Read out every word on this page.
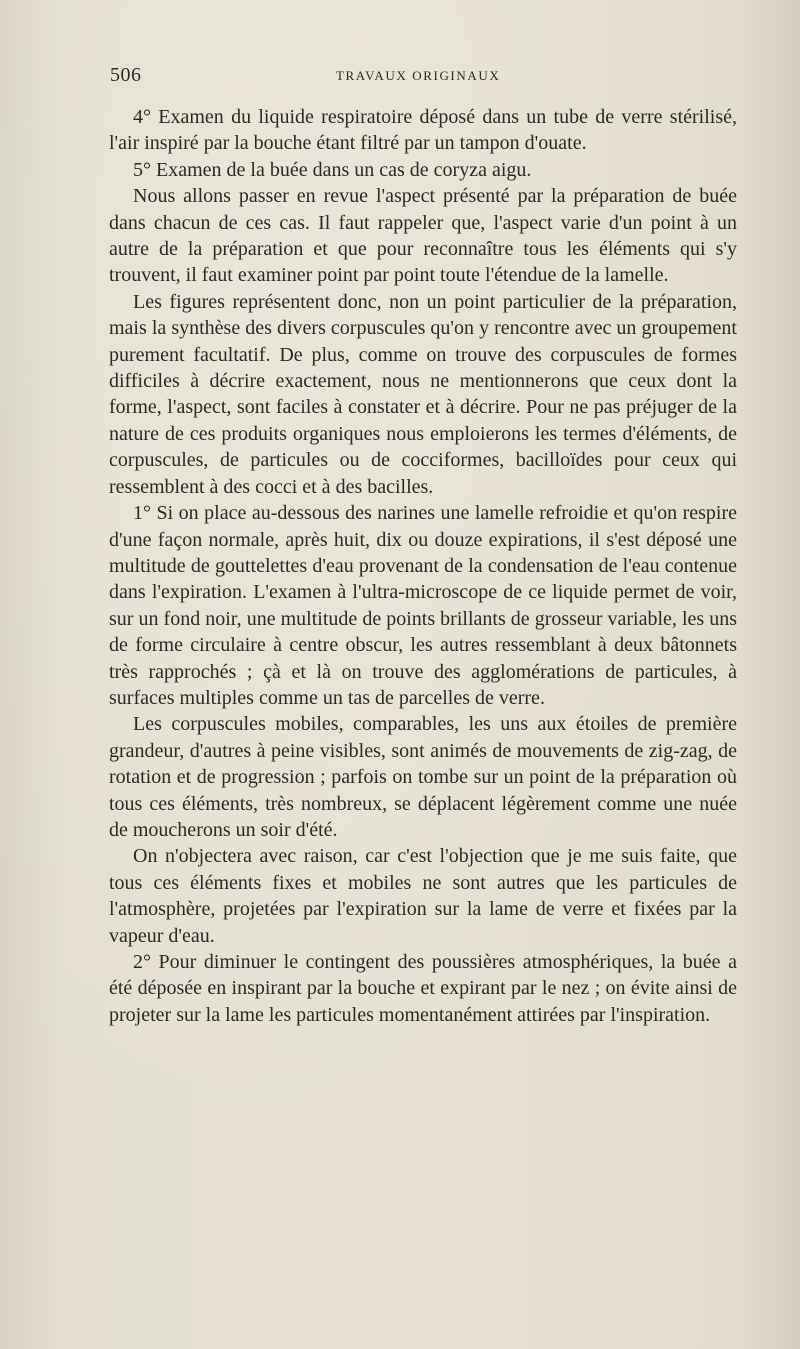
506	TRAVAUX ORIGINAUX

4° Examen du liquide respiratoire déposé dans un tube de verre stérilisé, l'air inspiré par la bouche étant filtré par un tampon d'ouate.

5° Examen de la buée dans un cas de coryza aigu.

Nous allons passer en revue l'aspect présenté par la préparation de buée dans chacun de ces cas. Il faut rappeler que, l'aspect varie d'un point à un autre de la préparation et que pour reconnaître tous les éléments qui s'y trouvent, il faut examiner point par point toute l'étendue de la lamelle.

Les figures représentent donc, non un point particulier de la préparation, mais la synthèse des divers corpuscules qu'on y rencontre avec un groupement purement facultatif. De plus, comme on trouve des corpuscules de formes difficiles à décrire exactement, nous ne mentionnerons que ceux dont la forme, l'aspect, sont faciles à constater et à décrire. Pour ne pas préjuger de la nature de ces produits organiques nous emploierons les termes d'éléments, de corpuscules, de particules ou de cocciformes, bacilloïdes pour ceux qui ressemblent à des cocci et à des bacilles.

1° Si on place au-dessous des narines une lamelle refroidie et qu'on respire d'une façon normale, après huit, dix ou douze expirations, il s'est déposé une multitude de gouttelettes d'eau provenant de la condensation de l'eau contenue dans l'expiration. L'examen à l'ultra-microscope de ce liquide permet de voir, sur un fond noir, une multitude de points brillants de grosseur variable, les uns de forme circulaire à centre obscur, les autres ressemblant à deux bâtonnets très rapprochés ; çà et là on trouve des agglomérations de particules, à surfaces multiples comme un tas de parcelles de verre.

Les corpuscules mobiles, comparables, les uns aux étoiles de première grandeur, d'autres à peine visibles, sont animés de mouvements de zig-zag, de rotation et de progression ; parfois on tombe sur un point de la préparation où tous ces éléments, très nombreux, se déplacent légèrement comme une nuée de moucherons un soir d'été.

On n'objectera avec raison, car c'est l'objection que je me suis faite, que tous ces éléments fixes et mobiles ne sont autres que les particules de l'atmosphère, projetées par l'expiration sur la lame de verre et fixées par la vapeur d'eau.

2° Pour diminuer le contingent des poussières atmosphériques, la buée a été déposée en inspirant par la bouche et expirant par le nez ; on évite ainsi de projeter sur la lame les particules momentanément attirées par l'inspiration.
